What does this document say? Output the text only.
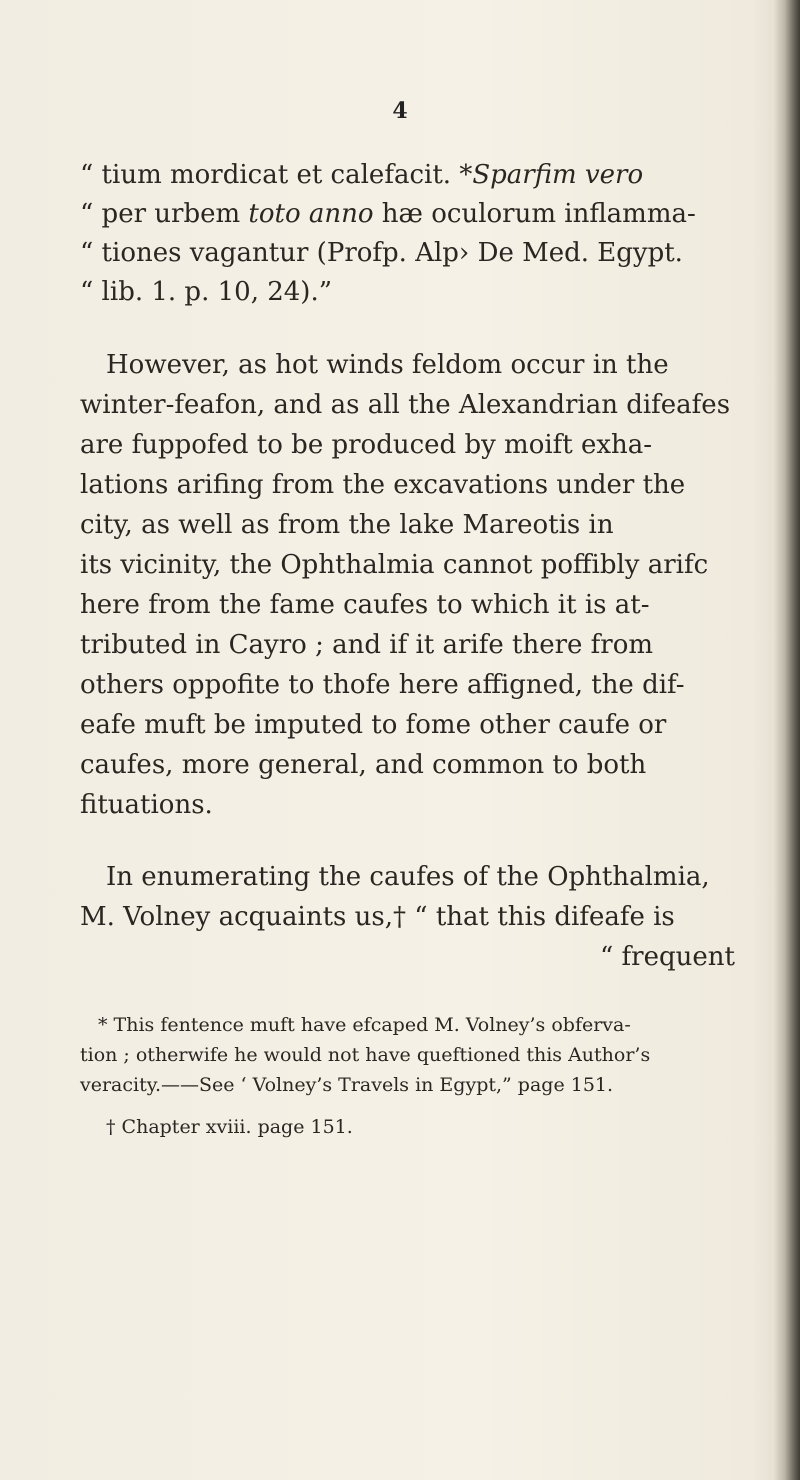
4
“ tium mordicat et calefacit. *Sparfim vero
“ per urbem toto anno hæ oculorum inflamma-
“ tiones vagantur (Profp. Alp› De Med. Egypt.
“ lib. 1. p. 10, 24).”
However, as hot winds feldom occur in the
winter-feafon, and as all the Alexandrian difeafes
are fuppofed to be produced by moift exha-
lations arifing from the excavations under the
city, as well as from the lake Mareotis in
its vicinity, the Ophthalmia cannot poffibly arifc
here from the fame caufes to which it is at-
tributed in Cayro ; and if it arife there from
others oppofite to thofe here affigned, the dif-
eafe muft be imputed to fome other caufe or
caufes, more general, and common to both
fituations.
In enumerating the caufes of the Ophthalmia,
M. Volney acquaints us,† “ that this difeafe is
“ frequent
* This fentence muft have efcaped M. Volney’s obferva-
tion ; otherwife he would not have queftioned this Author’s
veracity.——See ‘ Volney’s Travels in Egypt,” page 151.
† Chapter xviii. page 151.
